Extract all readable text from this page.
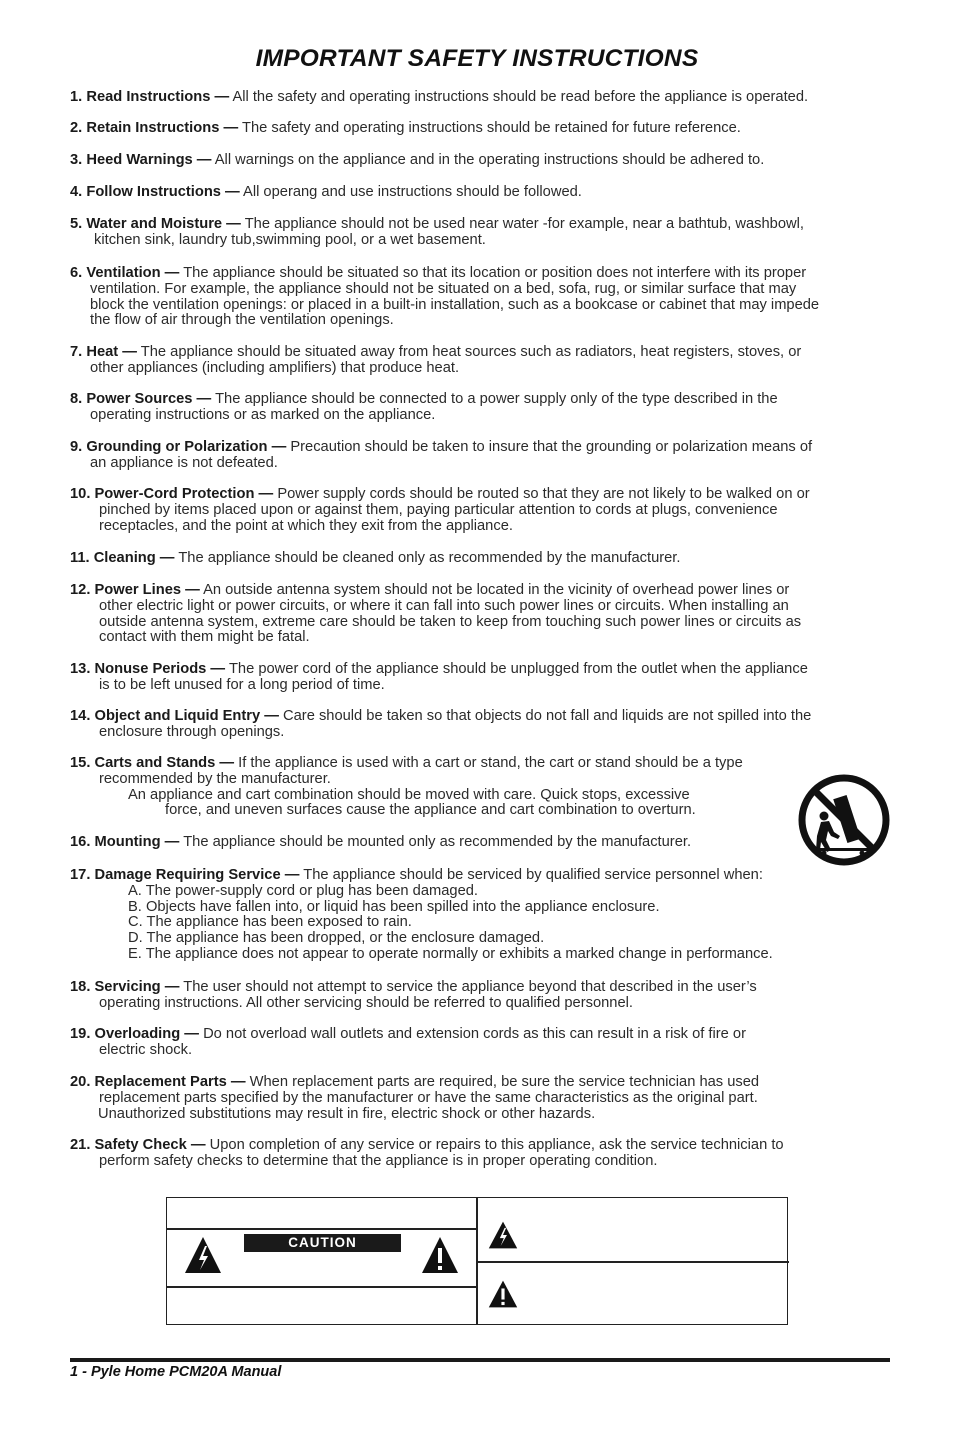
IMPORTANT SAFETY INSTRUCTIONS
1. Read Instructions — All the safety and operating instructions should be read before the appliance is operated.
2. Retain Instructions — The safety and operating instructions should be retained for future reference.
3. Heed Warnings — All warnings on the appliance and in the operating instructions should be adhered to.
4. Follow Instructions — All operang and use instructions should be followed.
5. Water and Moisture — The appliance should not be used near water -for example, near a bathtub, washbowl,
kitchen sink, laundry tub,swimming pool, or a wet basement.
6. Ventilation — The appliance should be situated so that its location or position does not interfere with its proper
ventilation. For example, the appliance should not be situated on a bed, sofa, rug, or similar surface that may
block the ventilation openings: or placed in a built-in installation, such as a bookcase or cabinet that may impede
the flow of air through the ventilation openings.
7. Heat — The appliance should be situated away from heat sources such as radiators, heat registers, stoves, or
other appliances (including amplifiers) that produce heat.
8. Power Sources — The appliance should be connected to a power supply only of the type described in the
operating instructions or as marked on the appliance.
9. Grounding or Polarization — Precaution should be taken to insure that the grounding or polarization means of
an appliance is not defeated.
10. Power-Cord Protection — Power supply cords should be routed so that they are not likely to be walked on or
pinched by items placed upon or against them, paying particular attention to cords at plugs, convenience
receptacles, and the point at which they exit from the appliance.
11. Cleaning — The appliance should be cleaned only as recommended by the manufacturer.
12. Power Lines — An outside antenna system should not be located in the vicinity of overhead power lines or
other electric light or power circuits, or where it can fall into such power lines or circuits. When installing an
outside antenna system, extreme care should be taken to keep from touching such power lines or circuits as
contact with them might be fatal.
13. Nonuse Periods — The power cord of the appliance should be unplugged from the outlet when the appliance
is to be left unused for a long period of time.
14. Object and Liquid Entry — Care should be taken so that objects do not fall and liquids are not spilled into the
enclosure through openings.
15. Carts and Stands — If the appliance is used with a cart or stand, the cart or stand should be a type
recommended by the manufacturer.
An appliance and cart combination should be moved with care. Quick stops, excessive
force, and uneven surfaces cause the appliance and cart combination to overturn.
16. Mounting — The appliance should be mounted only as recommended by the manufacturer.
17. Damage Requiring Service — The appliance should be serviced by qualified service personnel when:
A. The power-supply cord or plug has been damaged.
B. Objects have fallen into, or liquid has been spilled into the appliance enclosure.
C. The appliance has been exposed to rain.
D. The appliance has been dropped, or the enclosure damaged.
E. The appliance does not appear to operate normally or exhibits a marked change in performance.
18. Servicing — The user should not attempt to service the appliance beyond that described in the user’s
operating instructions. All other servicing should be referred to qualified personnel.
19. Overloading — Do not overload wall outlets and extension cords as this can result in a risk of fire or
electric shock.
20. Replacement Parts — When replacement parts are required, be sure the service technician has used
replacement parts specified by the manufacturer or have the same characteristics as the original part.
Unauthorized substitutions may result in fire, electric shock or other hazards.
21. Safety Check — Upon completion of any service or repairs to this appliance, ask the service technician to
perform safety checks to determine that the appliance is in proper operating condition.
CAUTION
1 - Pyle Home PCM20A Manual
